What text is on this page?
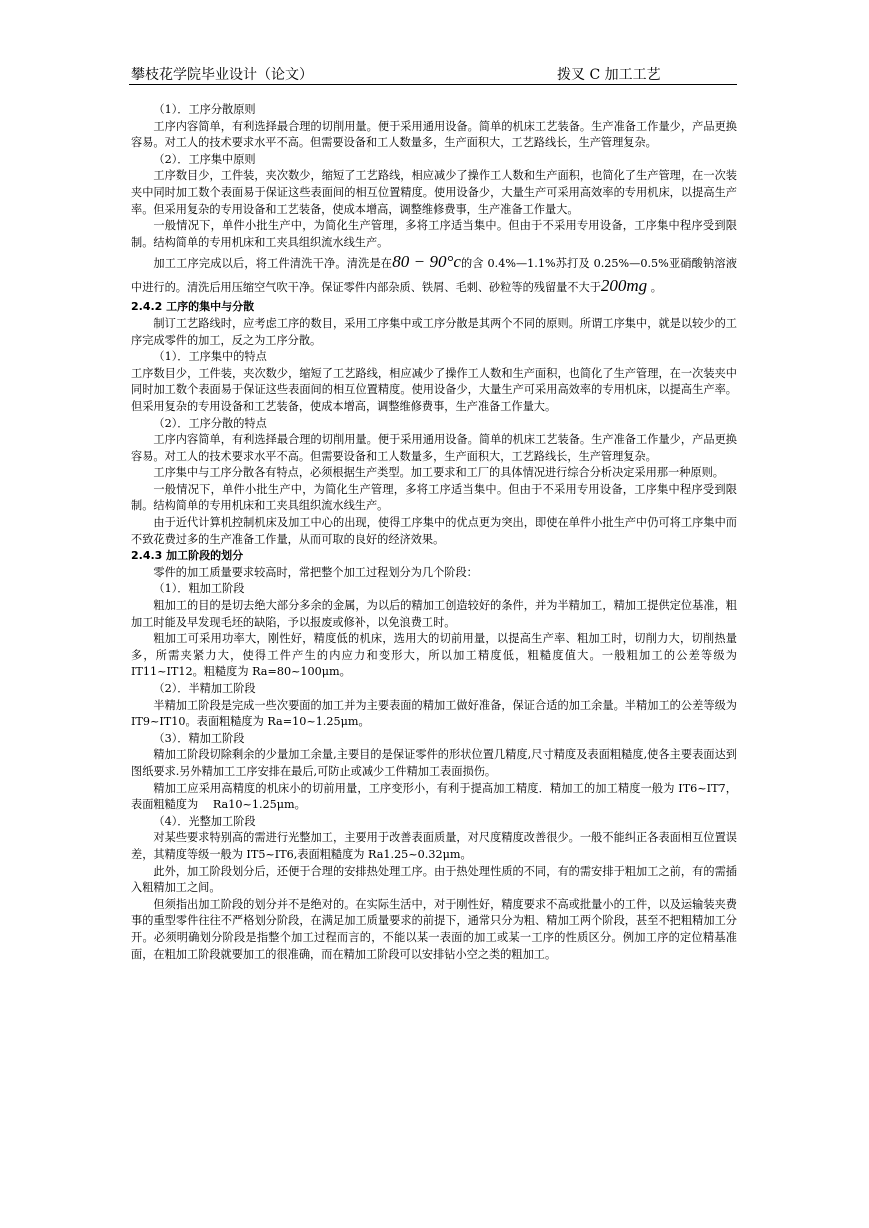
攀枝花学院毕业设计（论文）	拨叉 C 加工工艺

（1）．工序分散原则

工序内容简单，有利选择最合理的切削用量。便于采用通用设备。简单的机床工艺装备。生产准备工作量少，产品更换容易。对工人的技术要求水平不高。但需要设备和工人数量多，生产面积大，工艺路线长，生产管理复杂。

（2）．工序集中原则

工序数目少，工件装，夹次数少，缩短了工艺路线，相应减少了操作工人数和生产面积，也简化了生产管理，在一次装夹中同时加工数个表面易于保证这些表面间的相互位置精度。使用设备少，大量生产可采用高效率的专用机床，以提高生产率。但采用复杂的专用设备和工艺装备，使成本增高，调整维修费事，生产准备工作量大。

一般情况下，单件小批生产中，为简化生产管理，多将工序适当集中。但由于不采用专用设备，工序集中程序受到限制。结构简单的专用机床和工夹具组织流水线生产。

加工工序完成以后，将工件清洗干净。清洗是在80 − 90°c的含 0.4%—1.1%苏打及 0.25%—0.5%亚硝酸钠溶液中进行的。清洗后用压缩空气吹干净。保证零件内部杂质、铁屑、毛刺、砂粒等的残留量不大于200mg 。

2.4.2 工序的集中与分散

制订工艺路线时，应考虑工序的数目，采用工序集中或工序分散是其两个不同的原则。所谓工序集中，就是以较少的工序完成零件的加工，反之为工序分散。

（1）．工序集中的特点

工序数目少，工件装，夹次数少，缩短了工艺路线，相应减少了操作工人数和生产面积，也简化了生产管理，在一次装夹中同时加工数个表面易于保证这些表面间的相互位置精度。使用设备少，大量生产可采用高效率的专用机床，以提高生产率。但采用复杂的专用设备和工艺装备，使成本增高，调整维修费事，生产准备工作量大。

（2）．工序分散的特点

工序内容简单，有利选择最合理的切削用量。便于采用通用设备。简单的机床工艺装备。生产准备工作量少，产品更换容易。对工人的技术要求水平不高。但需要设备和工人数量多，生产面积大，工艺路线长，生产管理复杂。

工序集中与工序分散各有特点，必须根据生产类型。加工要求和工厂的具体情况进行综合分析决定采用那一种原则。

一般情况下，单件小批生产中，为简化生产管理，多将工序适当集中。但由于不采用专用设备，工序集中程序受到限制。结构简单的专用机床和工夹具组织流水线生产。

由于近代计算机控制机床及加工中心的出现，使得工序集中的优点更为突出，即使在单件小批生产中仍可将工序集中而不致花费过多的生产准备工作量，从而可取的良好的经济效果。

2.4.3 加工阶段的划分

零件的加工质量要求较高时，常把整个加工过程划分为几个阶段：

（1）．粗加工阶段

粗加工的目的是切去绝大部分多余的金属，为以后的精加工创造较好的条件，并为半精加工，精加工提供定位基准，粗加工时能及早发现毛坯的缺陷，予以报废或修补，以免浪费工时。

粗加工可采用功率大，刚性好，精度低的机床，选用大的切前用量，以提高生产率、粗加工时，切削力大，切削热量多，所需夹紧力大，使得工件产生的内应力和变形大，所以加工精度低，粗糙度值大。一般粗加工的公差等级为 IT11~IT12。粗糙度为 Ra=80~100μm。

（2）．半精加工阶段

半精加工阶段是完成一些次要面的加工并为主要表面的精加工做好准备，保证合适的加工余量。半精加工的公差等级为 IT9~IT10。表面粗糙度为 Ra=10~1.25μm。

（3）．精加工阶段

精加工阶段切除剩余的少量加工余量,主要目的是保证零件的形状位置几精度,尺寸精度及表面粗糙度,使各主要表面达到图纸要求.另外精加工工序安排在最后,可防止或减少工件精加工表面损伤。

精加工应采用高精度的机床小的切前用量，工序变形小，有利于提高加工精度．精加工的加工精度一般为 IT6~IT7，表面粗糙度为　 Ra10~1.25μm。

（4）．光整加工阶段

对某些要求特别高的需进行光整加工，主要用于改善表面质量，对尺度精度改善很少。一般不能纠正各表面相互位置误差，其精度等级一般为 IT5~IT6,表面粗糙度为 Ra1.25~0.32μm。

此外，加工阶段划分后，还便于合理的安排热处理工序。由于热处理性质的不同，有的需安排于粗加工之前，有的需插入粗精加工之间。

但须指出加工阶段的划分并不是绝对的。在实际生活中，对于刚性好，精度要求不高或批量小的工件，以及运输装夹费事的重型零件往往不严格划分阶段，在满足加工质量要求的前提下，通常只分为粗、精加工两个阶段，甚至不把粗精加工分开。必须明确划分阶段是指整个加工过程而言的，不能以某一表面的加工或某一工序的性质区分。例加工序的定位精基准面，在粗加工阶段就要加工的很准确，而在精加工阶段可以安排钻小空之类的粗加工。
